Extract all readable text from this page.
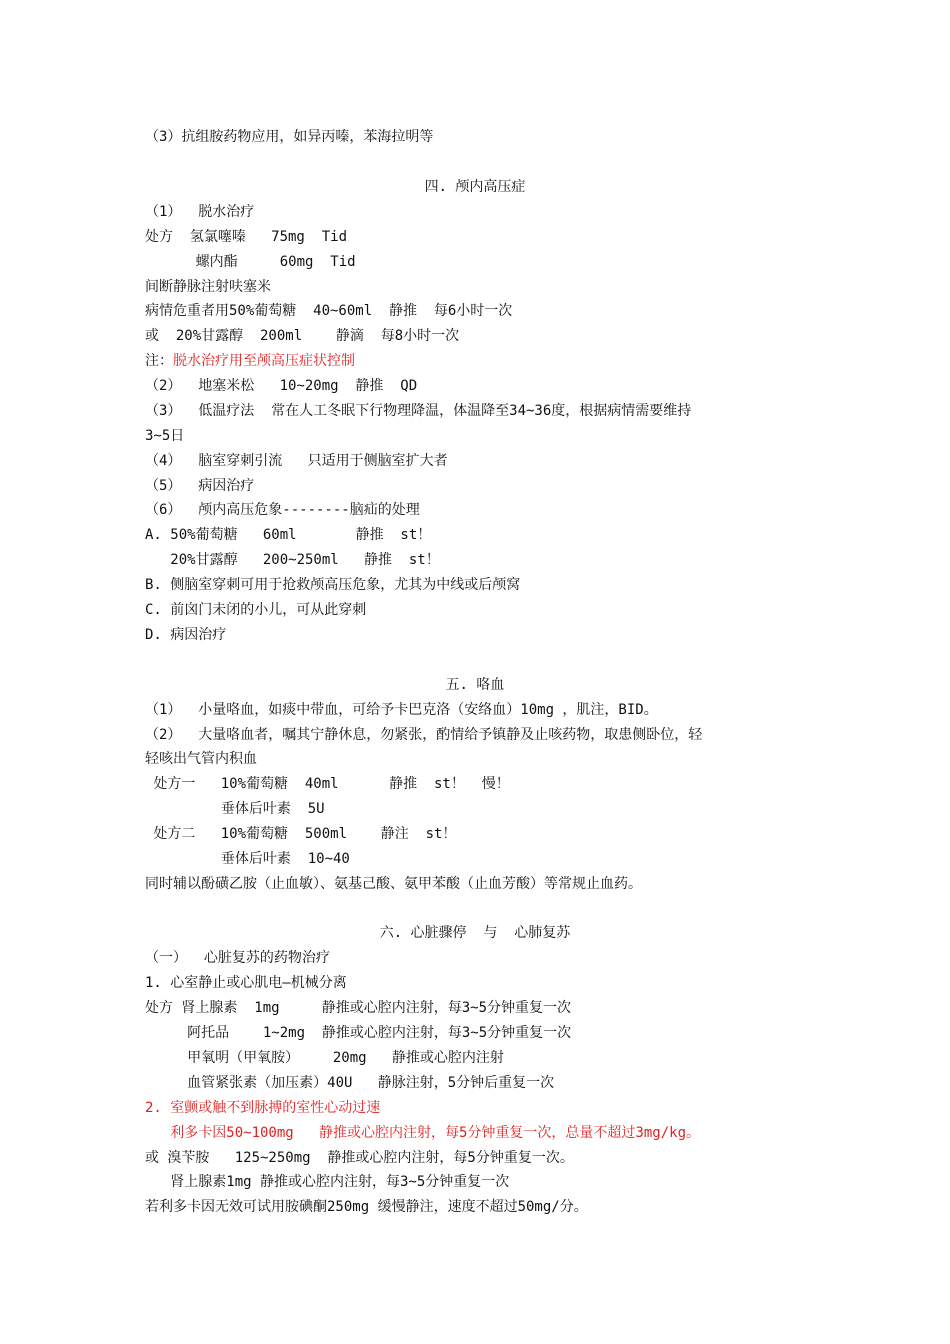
（3）抗组胺药物应用，如异丙嗪，苯海拉明等
四. 颅内高压症
（1）  脱水治疗
处方  氢氯噻嗪   75mg  Tid
螺内酯     60mg  Tid
间断静脉注射呋塞米
病情危重者用50%葡萄糖  40~60ml  静推  每6小时一次
或  20%甘露醇  200ml    静滴  每8小时一次
注：脱水治疗用至颅高压症状控制
（2）  地塞米松   10~20mg  静推  QD
（3）  低温疗法  常在人工冬眠下行物理降温，体温降至34~36度，根据病情需要维持
3~5日
（4）  脑室穿刺引流   只适用于侧脑室扩大者
（5）  病因治疗
（6）  颅内高压危象--------脑疝的处理
A. 50%葡萄糖   60ml       静推  st！
20%甘露醇   200~250ml   静推  st！
B. 侧脑室穿刺可用于抢救颅高压危象，尤其为中线或后颅窝
C. 前囟门未闭的小儿，可从此穿刺
D. 病因治疗
五. 咯血
（1）  小量咯血，如痰中带血，可给予卡巴克洛（安络血）10mg ，肌注，BID。
（2）  大量咯血者，嘱其宁静休息，勿紧张，酌情给予镇静及止咳药物，取患侧卧位，轻
轻咳出气管内积血
处方一   10%葡萄糖  40ml      静推  st！  慢！
垂体后叶素  5U
处方二   10%葡萄糖  500ml    静注  st！
垂体后叶素  10~40
同时辅以酚磺乙胺（止血敏）、氨基己酸、氨甲苯酸（止血芳酸）等常规止血药。
六. 心脏骤停  与  心肺复苏
（一）  心脏复苏的药物治疗
1. 心室静止或心肌电—机械分离
处方 肾上腺素  1mg     静推或心腔内注射，每3~5分钟重复一次
阿托品    1~2mg  静推或心腔内注射，每3~5分钟重复一次
甲氧明（甲氧胺）    20mg   静推或心腔内注射
血管紧张素（加压素）40U   静脉注射，5分钟后重复一次
2. 室颤或触不到脉搏的室性心动过速
利多卡因50~100mg   静推或心腔内注射，每5分钟重复一次，总量不超过3mg/kg。
或 溴苄胺   125~250mg  静推或心腔内注射，每5分钟重复一次。
肾上腺素1mg 静推或心腔内注射，每3~5分钟重复一次
若利多卡因无效可试用胺碘酮250mg 缓慢静注，速度不超过50mg/分。
